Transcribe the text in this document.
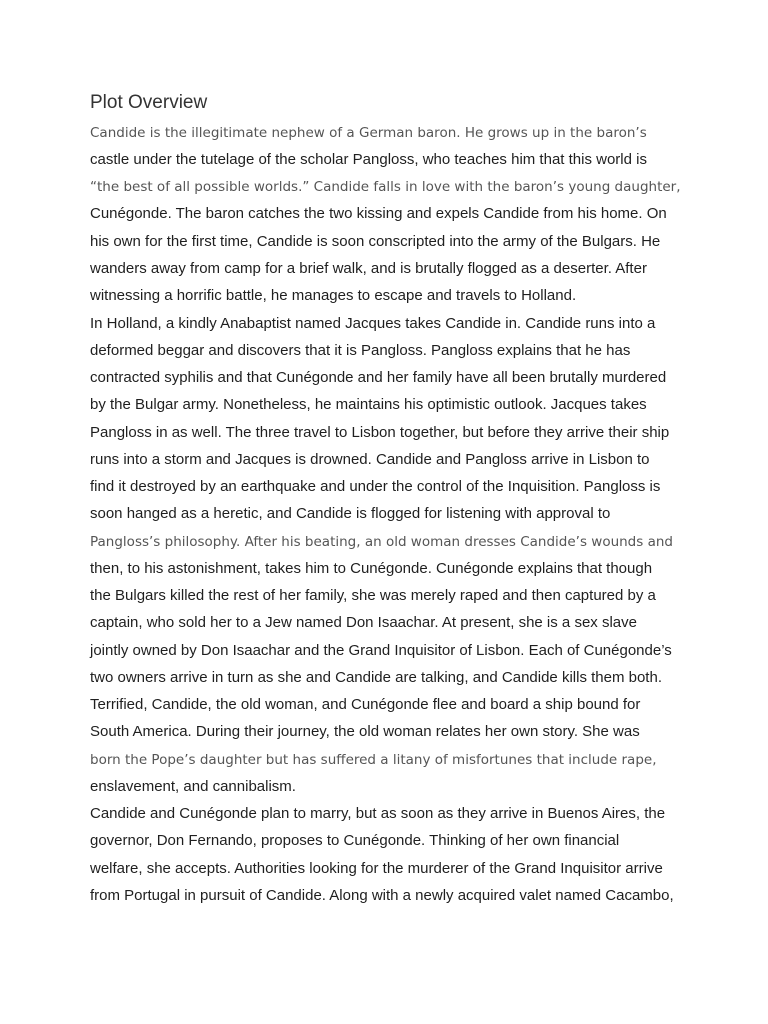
Plot Overview

Candide is the illegitimate nephew of a German baron. He grows up in the baron’s

castle under the tutelage of the scholar Pangloss, who teaches him that this world is

“the best of all possible worlds.” Candide falls in love with the baron’s young daughter,

Cunégonde. The baron catches the two kissing and expels Candide from his home. On

his own for the first time, Candide is soon conscripted into the army of the Bulgars. He

wanders away from camp for a brief walk, and is brutally flogged as a deserter. After

witnessing a horrific battle, he manages to escape and travels to Holland.

In Holland, a kindly Anabaptist named Jacques takes Candide in. Candide runs into a

deformed beggar and discovers that it is Pangloss. Pangloss explains that he has

contracted syphilis and that Cunégonde and her family have all been brutally murdered

by the Bulgar army. Nonetheless, he maintains his optimistic outlook. Jacques takes

Pangloss in as well. The three travel to Lisbon together, but before they arrive their ship

runs into a storm and Jacques is drowned. Candide and Pangloss arrive in Lisbon to

find it destroyed by an earthquake and under the control of the Inquisition. Pangloss is

soon hanged as a heretic, and Candide is flogged for listening with approval to

Pangloss’s philosophy. After his beating, an old woman dresses Candide’s wounds and

then, to his astonishment, takes him to Cunégonde. Cunégonde explains that though

the Bulgars killed the rest of her family, she was merely raped and then captured by a

captain, who sold her to a Jew named Don Isaachar. At present, she is a sex slave

jointly owned by Don Isaachar and the Grand Inquisitor of Lisbon. Each of Cunégonde’s

two owners arrive in turn as she and Candide are talking, and Candide kills them both.

Terrified, Candide, the old woman, and Cunégonde flee and board a ship bound for

South America. During their journey, the old woman relates her own story. She was

born the Pope’s daughter but has suffered a litany of misfortunes that include rape,

enslavement, and cannibalism.

Candide and Cunégonde plan to marry, but as soon as they arrive in Buenos Aires, the

governor, Don Fernando, proposes to Cunégonde. Thinking of her own financial

welfare, she accepts. Authorities looking for the murderer of the Grand Inquisitor arrive

from Portugal in pursuit of Candide. Along with a newly acquired valet named Cacambo,
